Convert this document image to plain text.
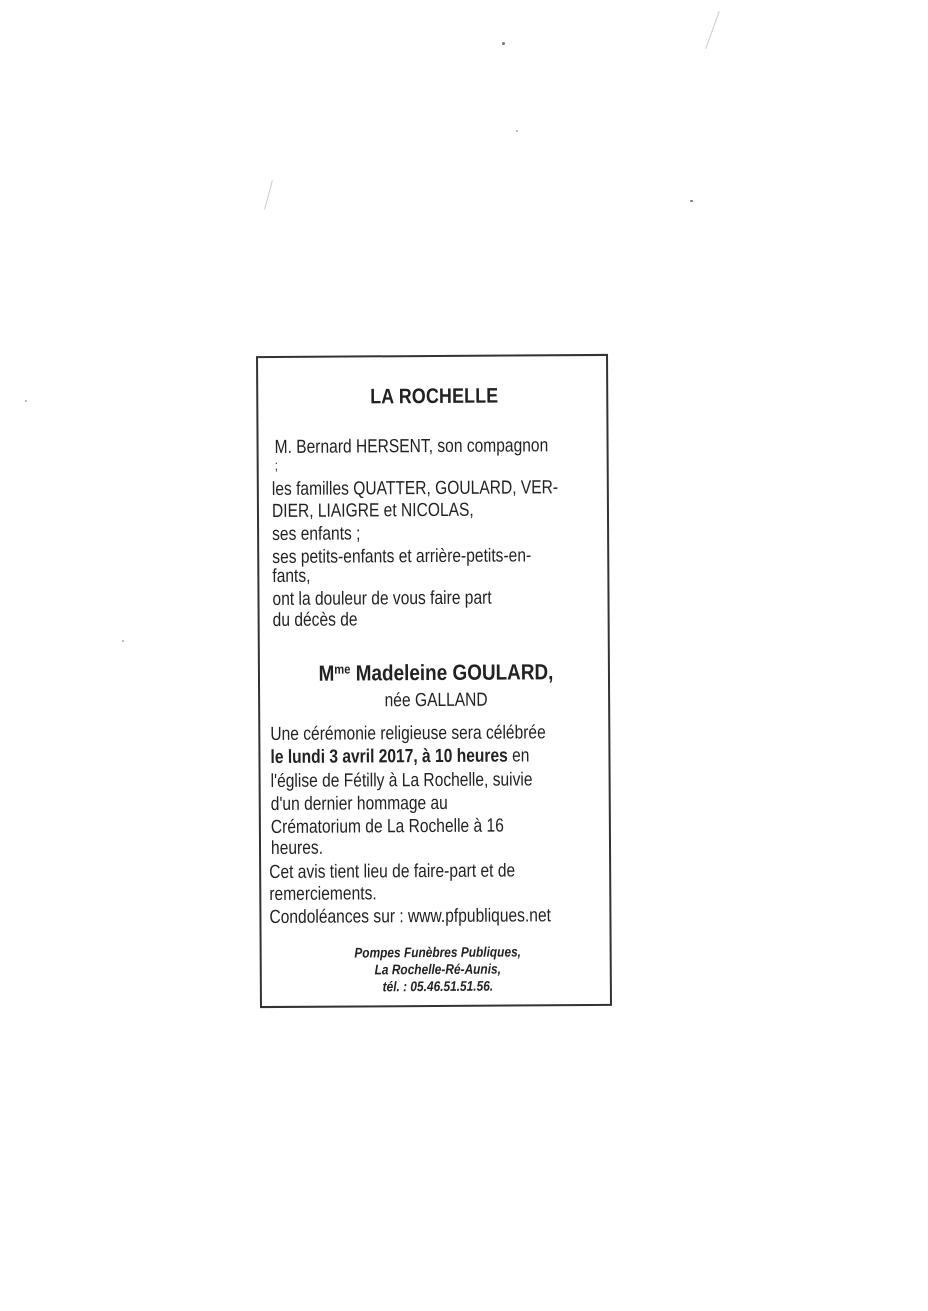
LA ROCHELLE
M. Bernard HERSENT, son compagnon
;
les familles QUATTER, GOULARD, VER-
DIER, LIAIGRE et NICOLAS,
ses enfants ;
ses petits-enfants et arrière-petits-en-
fants,
ont la douleur de vous faire part
du décès de
$M^{me}$ Madeleine GOULARD,
née GALLAND
Une cérémonie religieuse sera célébrée
le lundi 3 avril 2017, à 10 heures en
l'église de Fétilly à La Rochelle, suivie
d'un dernier hommage au
Crématorium de La Rochelle à 16
heures.
Cet avis tient lieu de faire-part et de
remerciements.
Condoléances sur : www.pfpubliques.net
Pompes Funèbres Publiques,
La Rochelle-Ré-Aunis,
tél. : 05.46.51.51.56.
